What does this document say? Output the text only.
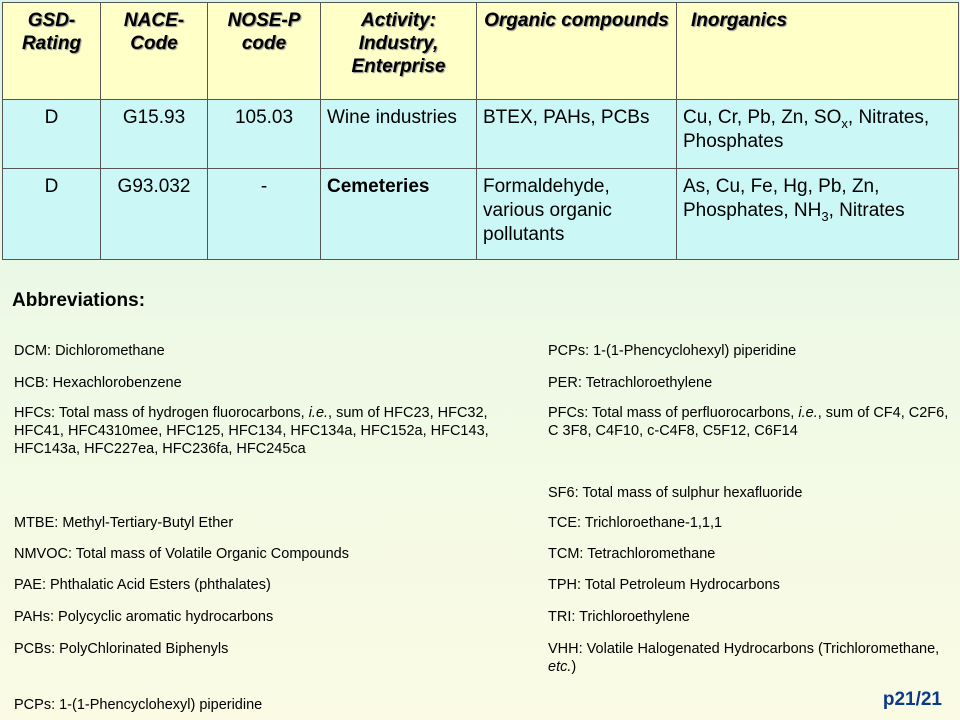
GSD-Rating	NACE-Code	NOSE-P code	Activity: Industry, Enterprise	Organic compounds	Inorganics
D	G15.93	105.03	Wine industries	BTEX, PAHs, PCBs	Cu, Cr, Pb, Zn, $SO_x$, Nitrates, Phosphates
D	G93.032	-	Cemeteries	Formaldehyde, various organic pollutants	As, Cu, Fe, Hg, Pb, Zn, Phosphates, $NH_3$, Nitrates
Abbreviations:
DCM: Dichloromethane
HCB: Hexachlorobenzene
HFCs: Total mass of hydrogen fluorocarbons, i.e., sum of HFC23, HFC32, HFC41, HFC4310mee, HFC125, HFC134, HFC134a, HFC152a, HFC143, HFC143a, HFC227ea, HFC236fa, HFC245ca
MTBE: Methyl-Tertiary-Butyl Ether
NMVOC: Total mass of Volatile Organic Compounds
PAE: Phthalatic Acid Esters (phthalates)
PAHs: Polycyclic aromatic hydrocarbons
PCBs: PolyChlorinated Biphenyls
PCPs: 1-(1-Phencyclohexyl) piperidine
PCPs: 1-(1-Phencyclohexyl) piperidine
PER: Tetrachloroethylene
PFCs: Total mass of perfluorocarbons, i.e., sum of CF4, C2F6, C 3F8, C4F10, c-C4F8, C5F12, C6F14
SF6: Total mass of sulphur hexafluoride
TCE: Trichloroethane-1,1,1
TCM: Tetrachloromethane
TPH: Total Petroleum Hydrocarbons
TRI: Trichloroethylene
VHH: Volatile Halogenated Hydrocarbons (Trichloromethane, etc.)
p21/21
